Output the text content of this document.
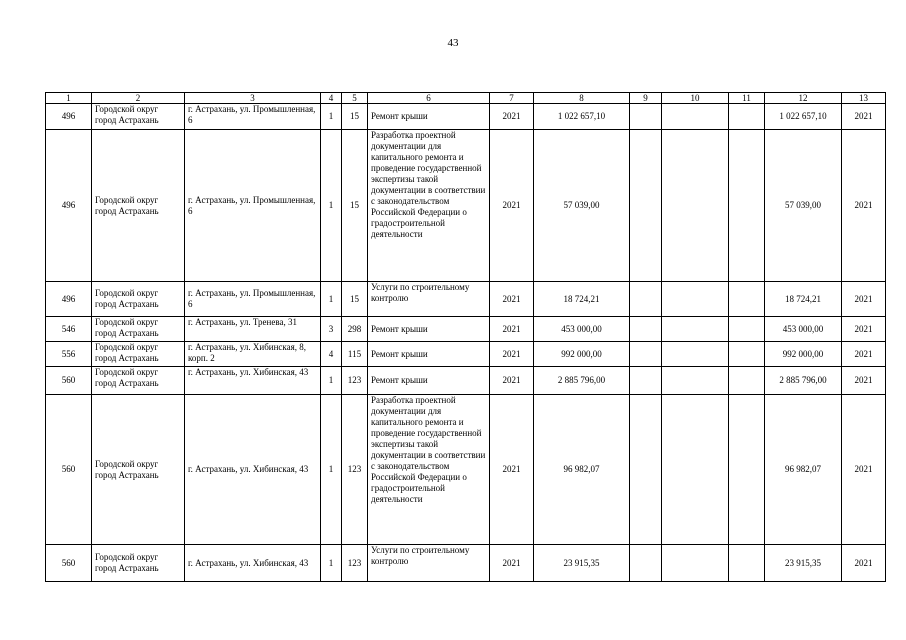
43
1	2	3	4	5	6	7	8	9	10	11	12	13
496	Городской округ город Астрахань	г. Астрахань, ул. Промышленная, 6	1	15	Ремонт крыши	2021	1 022 657,10				1 022 657,10	2021
496	Городской округ город Астрахань	г. Астрахань, ул. Промышленная, 6	1	15	Разработка проектной документации для капитального ремонта и проведение государственной экспертизы такой документации в соответствии с законодательством Российской Федерации о градостроительной деятельности	2021	57 039,00				57 039,00	2021
496	Городской округ город Астрахань	г. Астрахань, ул. Промышленная, 6	1	15	Услуги по строительному контролю	2021	18 724,21				18 724,21	2021
546	Городской округ город Астрахань	г. Астрахань, ул. Тренева, 31	3	298	Ремонт крыши	2021	453 000,00				453 000,00	2021
556	Городской округ город Астрахань	г. Астрахань, ул. Хибинская, 8, корп. 2	4	115	Ремонт крыши	2021	992 000,00				992 000,00	2021
560	Городской округ город Астрахань	г. Астрахань, ул. Хибинская, 43	1	123	Ремонт крыши	2021	2 885 796,00				2 885 796,00	2021
560	Городской округ город Астрахань	г. Астрахань, ул. Хибинская, 43	1	123	Разработка проектной документации для капитального ремонта и проведение государственной экспертизы такой документации в соответствии с законодательством Российской Федерации о градостроительной деятельности	2021	96 982,07				96 982,07	2021
560	Городской округ город Астрахань	г. Астрахань, ул. Хибинская, 43	1	123	Услуги по строительному контролю	2021	23 915,35				23 915,35	2021
